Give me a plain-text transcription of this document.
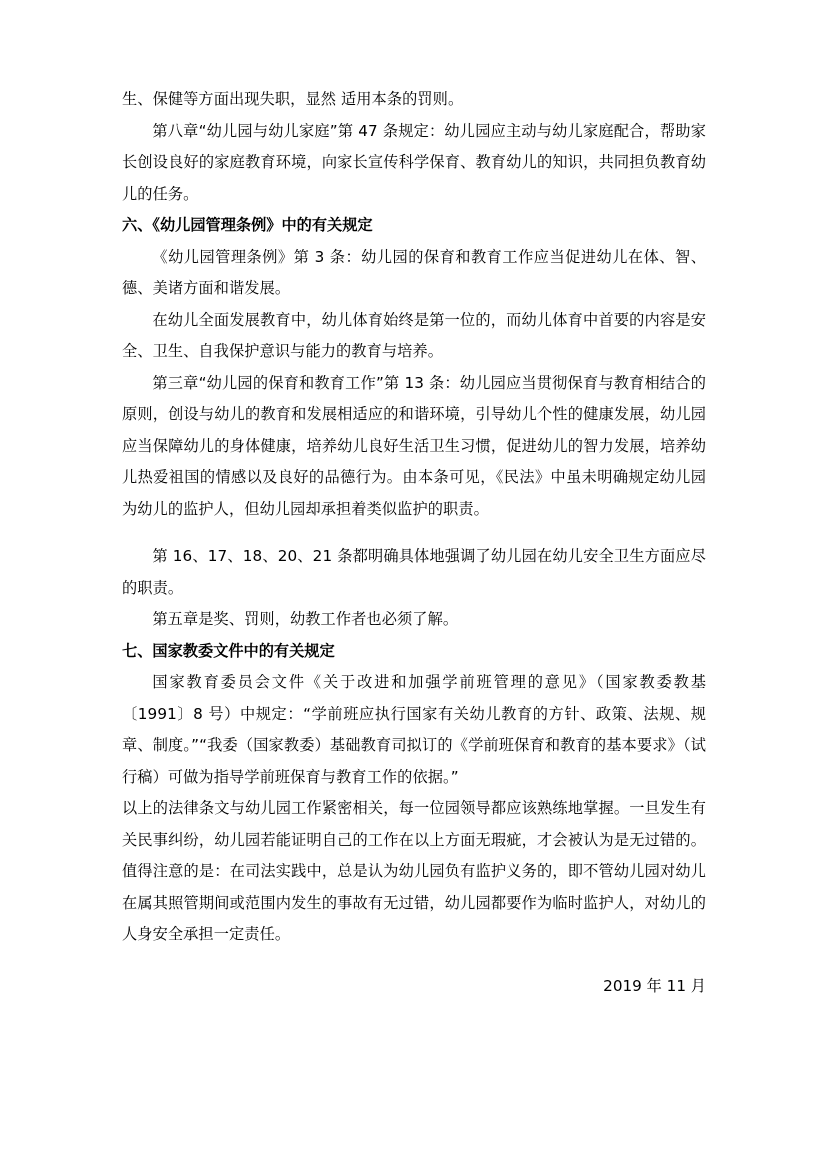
生、保健等方面出现失职，显然 适用本条的罚则。

第八章“幼儿园与幼儿家庭”第 47 条规定：幼儿园应主动与幼儿家庭配合，帮助家长创设良好的家庭教育环境，向家长宣传科学保育、教育幼儿的知识，共同担负教育幼儿的任务。

六、《幼儿园管理条例》中的有关规定

《幼儿园管理条例》第 3 条：幼儿园的保育和教育工作应当促进幼儿在体、智、德、美诸方面和谐发展。

在幼儿全面发展教育中，幼儿体育始终是第一位的，而幼儿体育中首要的内容是安全、卫生、自我保护意识与能力的教育与培养。

第三章“幼儿园的保育和教育工作”第 13 条：幼儿园应当贯彻保育与教育相结合的原则，创设与幼儿的教育和发展相适应的和谐环境，引导幼儿个性的健康发展，幼儿园应当保障幼儿的身体健康，培养幼儿良好生活卫生习惯，促进幼儿的智力发展，培养幼儿热爱祖国的情感以及良好的品德行为。由本条可见，《民法》中虽未明确规定幼儿园为幼儿的监护人，但幼儿园却承担着类似监护的职责。

第 16、17、18、20、21 条都明确具体地强调了幼儿园在幼儿安全卫生方面应尽的职责。

第五章是奖、罚则，幼教工作者也必须了解。

七、国家教委文件中的有关规定

国家教育委员会文件《关于改进和加强学前班管理的意见》（国家教委教基〔1991〕8 号）中规定：“学前班应执行国家有关幼儿教育的方针、政策、法规、规章、制度。”“我委（国家教委）基础教育司拟订的《学前班保育和教育的基本要求》（试行稿）可做为指导学前班保育与教育工作的依据。”

以上的法律条文与幼儿园工作紧密相关，每一位园领导都应该熟练地掌握。一旦发生有关民事纠纷，幼儿园若能证明自己的工作在以上方面无瑕疵，才会被认为是无过错的。值得注意的是：在司法实践中，总是认为幼儿园负有监护义务的，即不管幼儿园对幼儿在属其照管期间或范围内发生的事故有无过错，幼儿园都要作为临时监护人，对幼儿的人身安全承担一定责任。

2019 年 11 月
